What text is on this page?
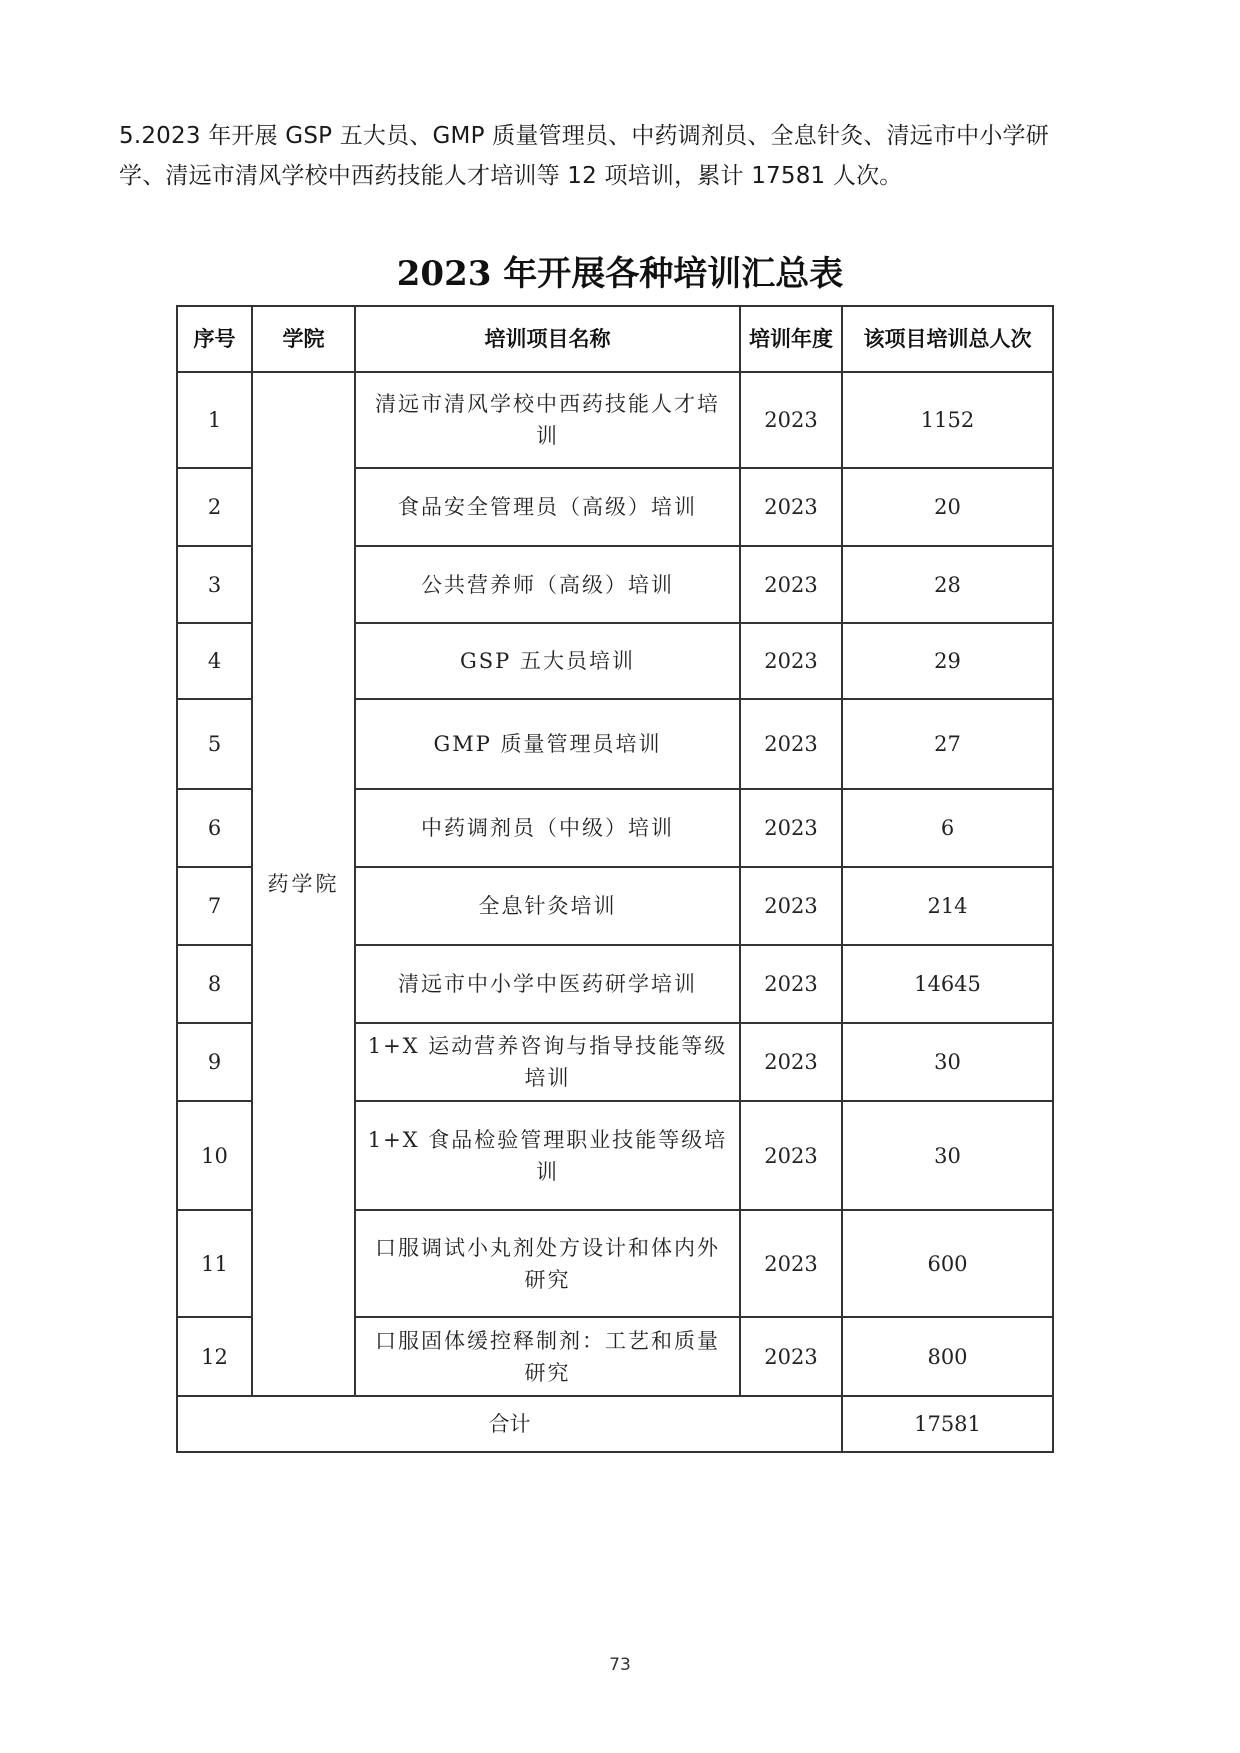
5.2023 年开展 GSP 五大员、GMP 质量管理员、中药调剂员、全息针灸、清远市中小学研
学、清远市清风学校中西药技能人才培训等 12 项培训，累计 17581 人次。
2023 年开展各种培训汇总表
序号	学院	培训项目名称	培训年度	该项目培训总人次
1	药学院	清远市清风学校中西药技能人才培训	2023	1152
2		食品安全管理员（高级）培训	2023	20
3		公共营养师（高级）培训	2023	28
4		GSP 五大员培训	2023	29
5		GMP 质量管理员培训	2023	27
6		中药调剂员（中级）培训	2023	6
7		全息针灸培训	2023	214
8		清远市中小学中医药研学培训	2023	14645
9		1+X 运动营养咨询与指导技能等级培训	2023	30
10		1+X 食品检验管理职业技能等级培训	2023	30
11		口服调试小丸剂处方设计和体内外研究	2023	600
12		口服固体缓控释制剂：工艺和质量研究	2023	800
合计				17581
73
